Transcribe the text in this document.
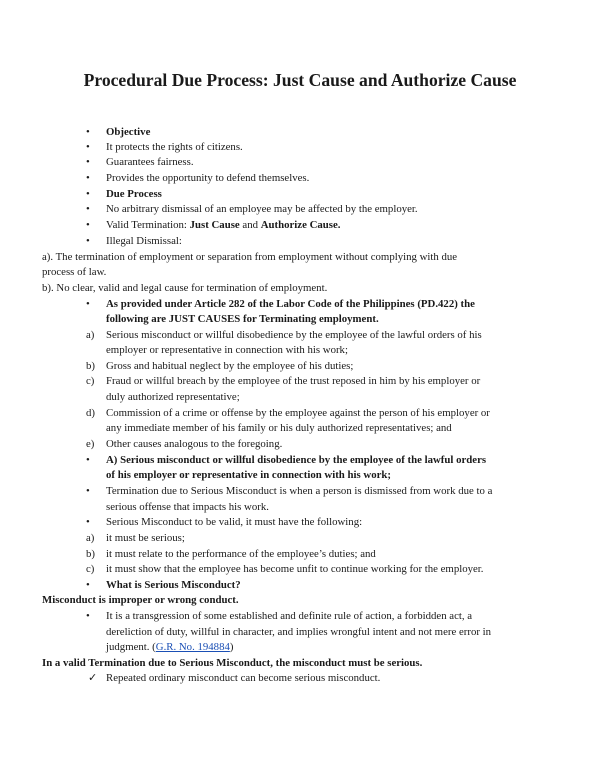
Procedural Due Process: Just Cause and Authorize Cause
•	Objective
•	It protects the rights of citizens.
•	Guarantees fairness.
•	Provides the opportunity to defend themselves.
•	Due Process
•	No arbitrary dismissal of an employee may be affected by the employer.
•	Valid Termination: Just Cause and Authorize Cause.
•	Illegal Dismissal:
a). The termination of employment or separation from employment without complying with due
process of law.
b). No clear, valid and legal cause for termination of employment.
•	As provided under Article 282 of the Labor Code of the Philippines (PD.422) the
following are JUST CAUSES for Terminating employment.
a)	Serious misconduct or willful disobedience by the employee of the lawful orders of his
employer or representative in connection with his work;
b)	Gross and habitual neglect by the employee of his duties;
c)	Fraud or willful breach by the employee of the trust reposed in him by his employer or
duly authorized representative;
d)	Commission of a crime or offense by the employee against the person of his employer or
any immediate member of his family or his duly authorized representatives; and
e)	Other causes analogous to the foregoing.
•	A) Serious misconduct or willful disobedience by the employee of the lawful orders
of his employer or representative in connection with his work;
•	Termination due to Serious Misconduct is when a person is dismissed from work due to a
serious offense that impacts his work.
•	Serious Misconduct to be valid, it must have the following:
a)	it must be serious;
b)	it must relate to the performance of the employee’s duties; and
c)	it must show that the employee has become unfit to continue working for the employer.
•	What is Serious Misconduct?
Misconduct is improper or wrong conduct.
•	It is a transgression of some established and definite rule of action, a forbidden act, a
dereliction of duty, willful in character, and implies wrongful intent and not mere error in
judgment. (G.R. No. 194884)
In a valid Termination due to Serious Misconduct, the misconduct must be serious.
✓ Repeated ordinary misconduct can become serious misconduct.
